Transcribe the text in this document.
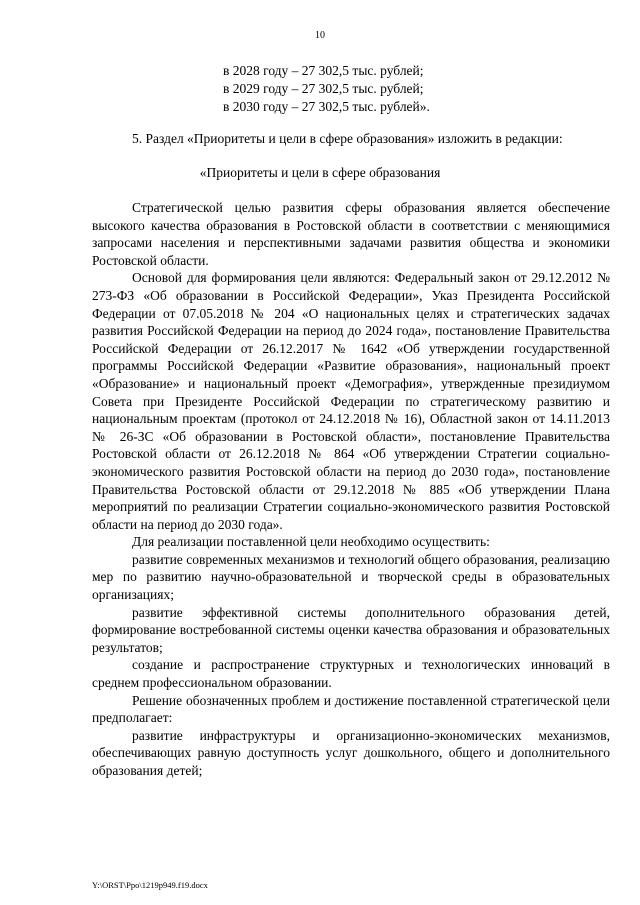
10
в 2028 году – 27 302,5 тыс. рублей;
в 2029 году – 27 302,5 тыс. рублей;
в 2030 году – 27 302,5 тыс. рублей».
5. Раздел «Приоритеты и цели в сфере образования» изложить в редакции:
«Приоритеты и цели в сфере образования

Стратегической целью развития сферы образования является обеспечение высокого качества образования в Ростовской области в соответствии с меняющимися запросами населения и перспективными задачами развития общества и экономики Ростовской области.

Основой для формирования цели являются: Федеральный закон от 29.12.2012 № 273-ФЗ «Об образовании в Российской Федерации», Указ Президента Российской Федерации от 07.05.2018 № 204 «О национальных целях и стратегических задачах развития Российской Федерации на период до 2024 года», постановление Правительства Российской Федерации от 26.12.2017 № 1642 «Об утверждении государственной программы Российской Федерации «Развитие образования», национальный проект «Образование» и национальный проект «Демография», утвержденные президиумом Совета при Президенте Российской Федерации по стратегическому развитию и национальным проектам (протокол от 24.12.2018 № 16), Областной закон от 14.11.2013 № 26-ЗС «Об образовании в Ростовской области», постановление Правительства Ростовской области от 26.12.2018 № 864 «Об утверждении Стратегии социально-экономического развития Ростовской области на период до 2030 года», постановление Правительства Ростовской области от 29.12.2018 № 885 «Об утверждении Плана мероприятий по реализации Стратегии социально-экономического развития Ростовской области на период до 2030 года».

Для реализации поставленной цели необходимо осуществить:

развитие современных механизмов и технологий общего образования, реализацию мер по развитию научно-образовательной и творческой среды в образовательных организациях;

развитие эффективной системы дополнительного образования детей, формирование востребованной системы оценки качества образования и образовательных результатов;

создание и распространение структурных и технологических инноваций в среднем профессиональном образовании.

Решение обозначенных проблем и достижение поставленной стратегической цели предполагает:

развитие инфраструктуры и организационно-экономических механизмов, обеспечивающих равную доступность услуг дошкольного, общего и дополнительного образования детей;

Y:\ORST\Ppo\1219p949.f19.docx
